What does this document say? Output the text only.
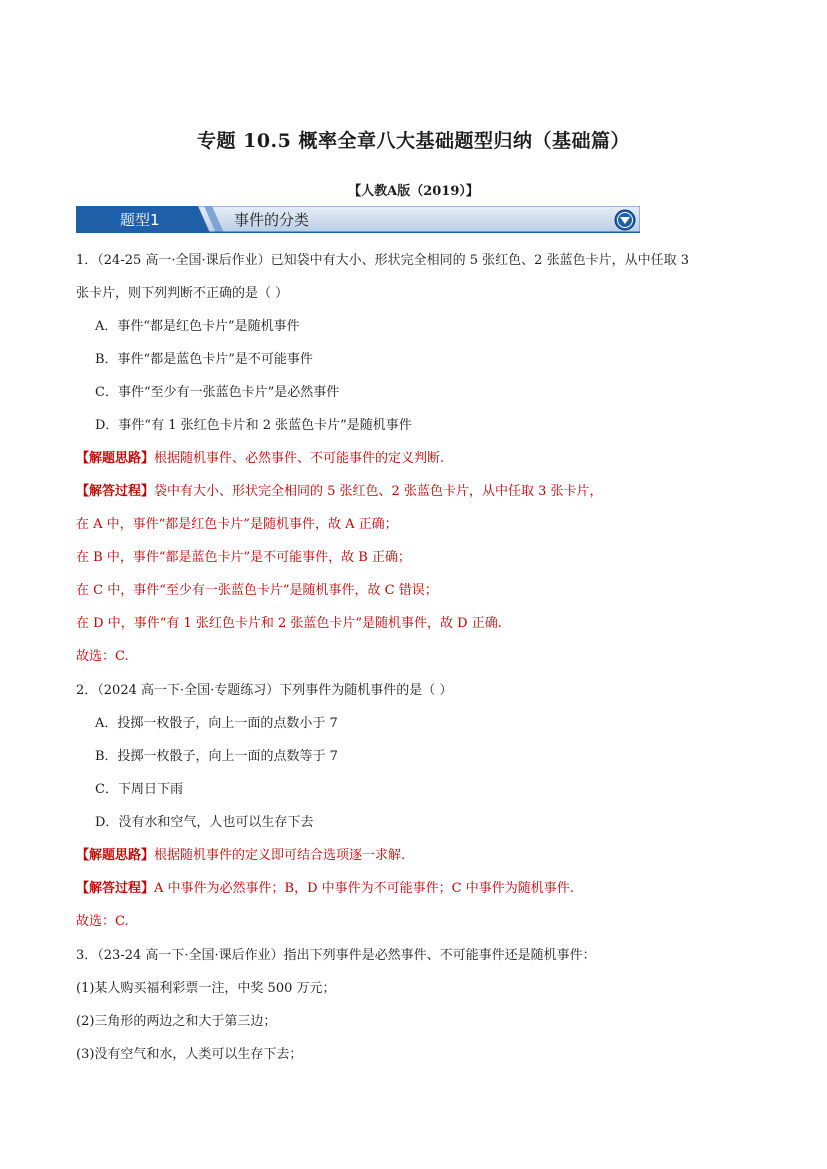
专题 10.5 概率全章八大基础题型归纳（基础篇）
【人教A版（2019）】
题型1	事件的分类
1．（24-25 高一·全国·课后作业）已知袋中有大小、形状完全相同的 5 张红色、2 张蓝色卡片，从中任取 3
张卡片，则下列判断不正确的是（ ）
A．事件“都是红色卡片”是随机事件
B．事件“都是蓝色卡片”是不可能事件
C．事件“至少有一张蓝色卡片”是必然事件
D．事件“有 1 张红色卡片和 2 张蓝色卡片”是随机事件
【解题思路】根据随机事件、必然事件、不可能事件的定义判断.
【解答过程】袋中有大小、形状完全相同的 5 张红色、2 张蓝色卡片，从中任取 3 张卡片，
在 A 中，事件“都是红色卡片”是随机事件，故 A 正确；
在 B 中，事件“都是蓝色卡片”是不可能事件，故 B 正确；
在 C 中，事件“至少有一张蓝色卡片”是随机事件，故 C 错误；
在 D 中，事件“有 1 张红色卡片和 2 张蓝色卡片”是随机事件，故 D 正确.
故选：C.
2．（2024 高一下·全国·专题练习）下列事件为随机事件的是（ ）
A．投掷一枚骰子，向上一面的点数小于 7
B．投掷一枚骰子，向上一面的点数等于 7
C．下周日下雨
D．没有水和空气，人也可以生存下去
【解题思路】根据随机事件的定义即可结合选项逐一求解.
【解答过程】A 中事件为必然事件；B，D 中事件为不可能事件；C 中事件为随机事件.
故选：C.
3．（23-24 高一下·全国·课后作业）指出下列事件是必然事件、不可能事件还是随机事件：
(1)某人购买福利彩票一注，中奖 500 万元；
(2)三角形的两边之和大于第三边；
(3)没有空气和水，人类可以生存下去；
